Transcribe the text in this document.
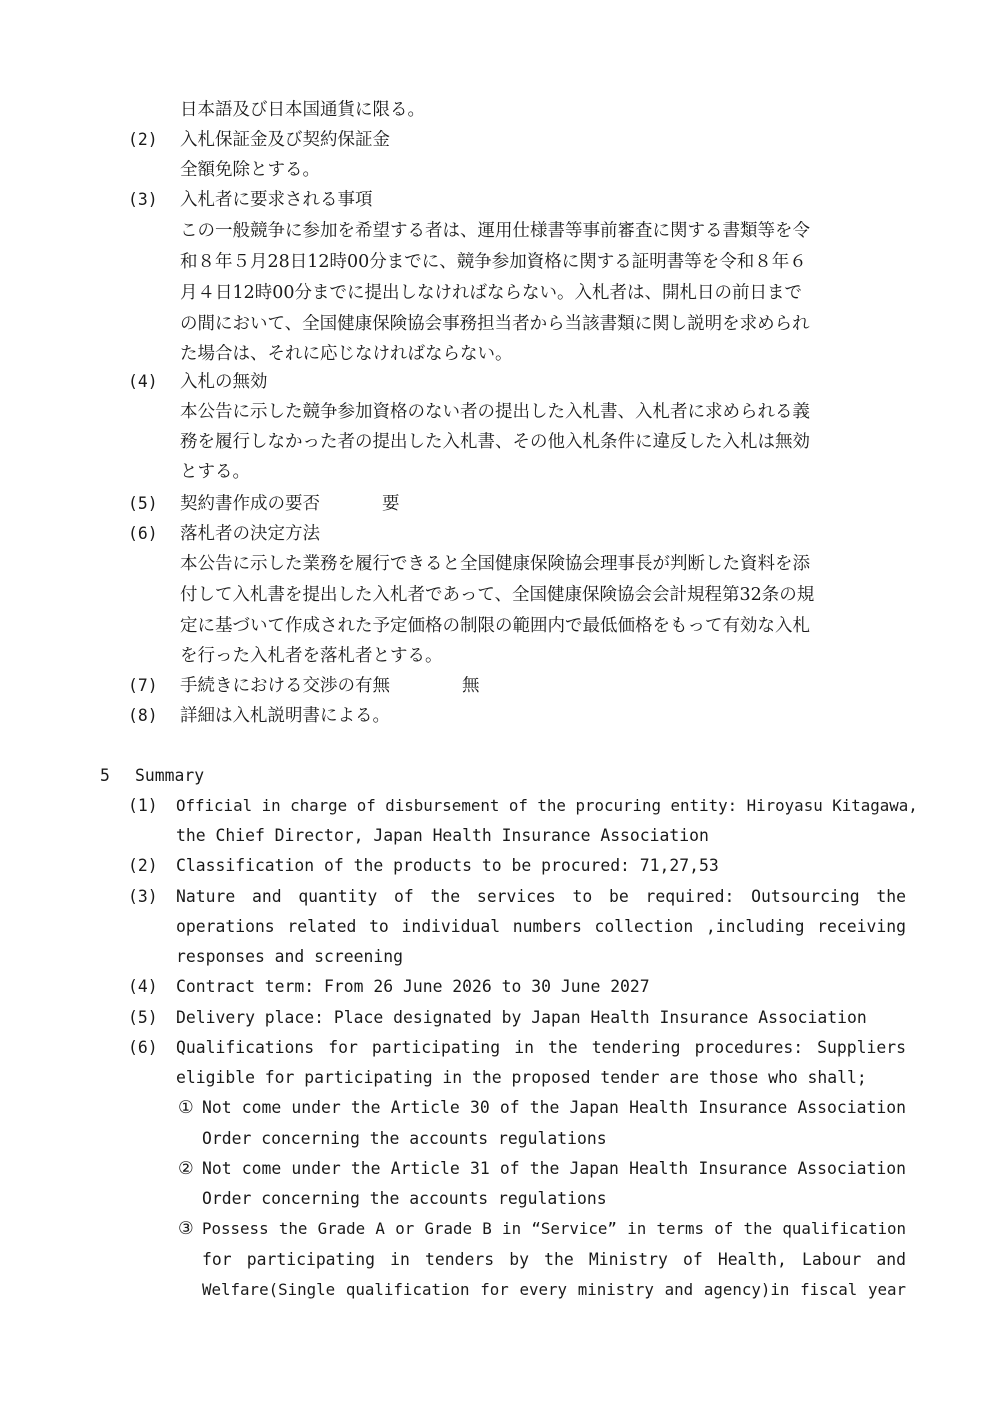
日本語及び日本国通貨に限る。
(2) 入札保証金及び契約保証金
全額免除とする。
(3) 入札者に要求される事項
この一般競争に参加を希望する者は、運用仕様書等事前審査に関する書類等を令
和８年５月28日12時00分までに、競争参加資格に関する証明書等を令和８年６
月４日12時00分までに提出しなければならない。入札者は、開札日の前日まで
の間において、全国健康保険協会事務担当者から当該書類に関し説明を求められ
た場合は、それに応じなければならない。
(4) 入札の無効
本公告に示した競争参加資格のない者の提出した入札書、入札者に求められる義
務を履行しなかった者の提出した入札書、その他入札条件に違反した入札は無効
とする。
(5) 契約書作成の要否	要
(6) 落札者の決定方法
本公告に示した業務を履行できると全国健康保険協会理事長が判断した資料を添
付して入札書を提出した入札者であって、全国健康保険協会会計規程第32条の規
定に基づいて作成された予定価格の制限の範囲内で最低価格をもって有効な入札
を行った入札者を落札者とする。
(7) 手続きにおける交渉の有無	無
(8) 詳細は入札説明書による。
5 Summary
(1) Official in charge of disbursement of the procuring entity: Hiroyasu Kitagawa,
the Chief Director, Japan Health Insurance Association
(2) Classification of the products to be procured: 71,27,53
(3) Nature and quantity of the services to be required: Outsourcing the
operations related to individual numbers collection ,including receiving
responses and screening
(4) Contract term: From 26 June 2026 to 30 June 2027
(5) Delivery place: Place designated by Japan Health Insurance Association
(6) Qualifications for participating in the tendering procedures: Suppliers
eligible for participating in the proposed tender are those who shall;
① Not come under the Article 30 of the Japan Health Insurance Association
Order concerning the accounts regulations
② Not come under the Article 31 of the Japan Health Insurance Association
Order concerning the accounts regulations
③ Possess the Grade A or Grade B in “Service” in terms of the qualification
for participating in tenders by the Ministry of Health, Labour and
Welfare(Single qualification for every ministry and agency)in fiscal year
